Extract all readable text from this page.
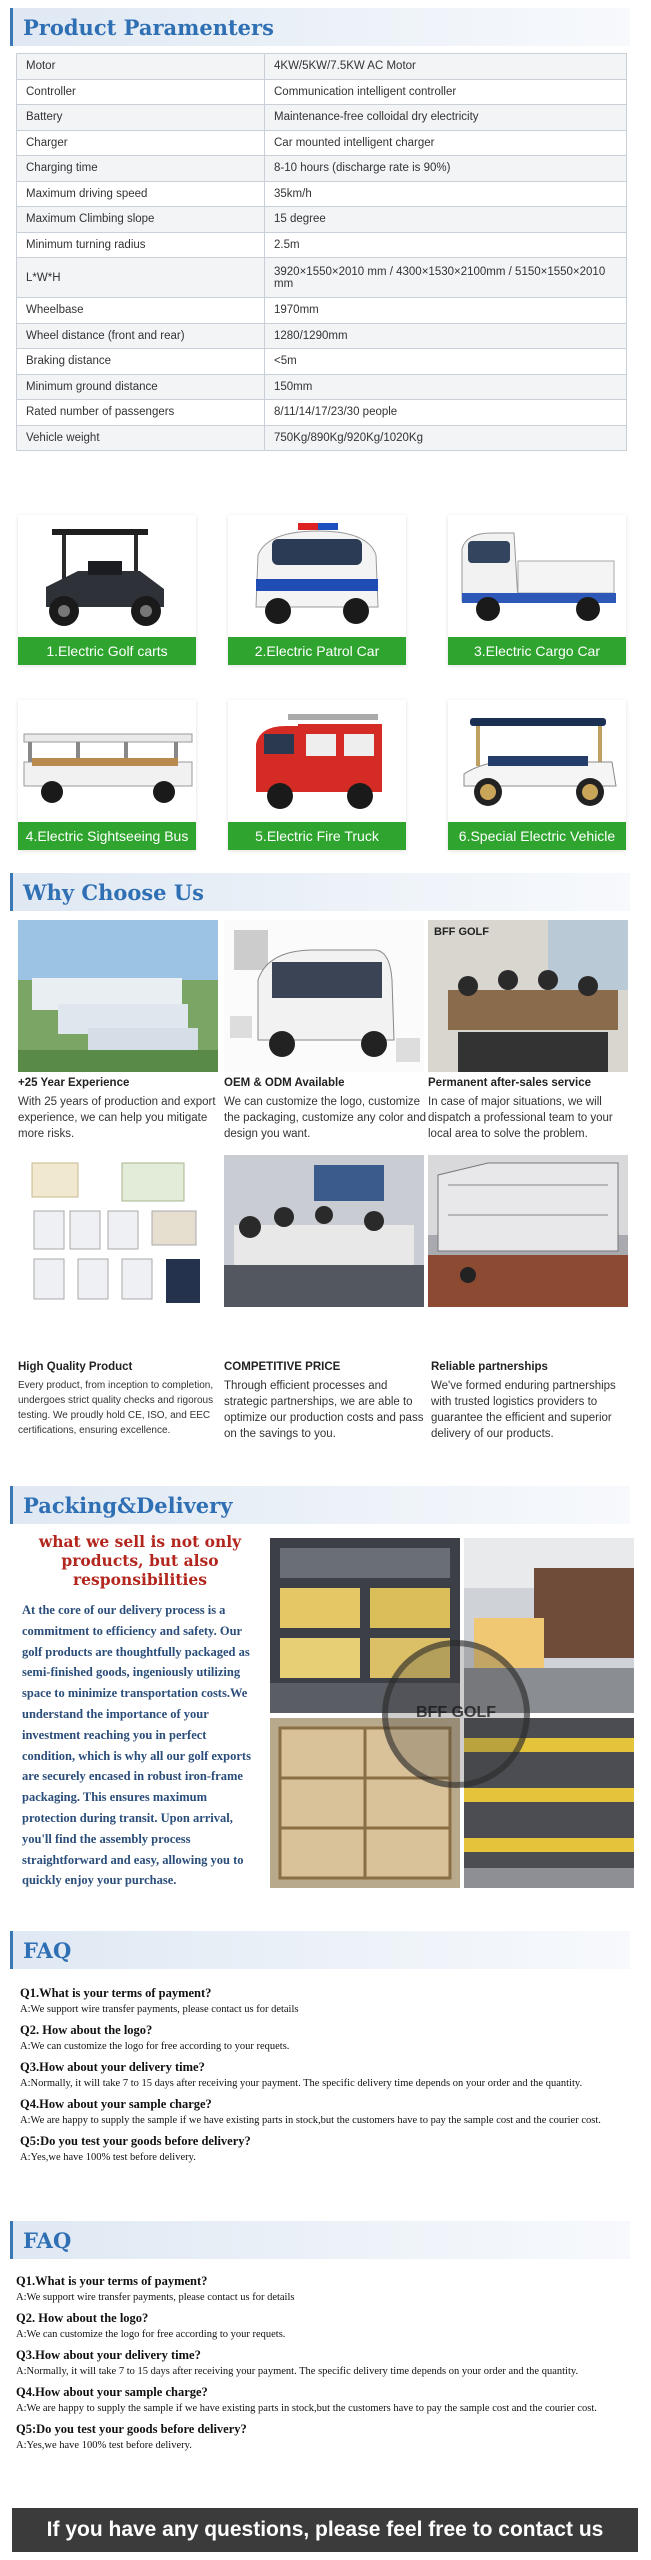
Product Paramenters
Motor	4KW/5KW/7.5KW AC Motor
Controller	Communication intelligent controller
Battery	Maintenance-free colloidal dry electricity
Charger	Car mounted intelligent charger
Charging time	8-10 hours (discharge rate is 90%)
Maximum driving speed	35km/h
Maximum Climbing slope	15 degree
Minimum turning radius	2.5m
L*W*H	3920×1550×2010 mm / 4300×1530×2100mm / 5150×1550×2010 mm
Wheelbase	1970mm
Wheel distance (front and rear)	1280/1290mm
Braking distance	<5m
Minimum ground distance	150mm
Rated number of passengers	8/11/14/17/23/30 people
Vehicle weight	750Kg/890Kg/920Kg/1020Kg
1.Electric Golf carts	2.Electric Patrol Car	3.Electric Cargo Car
4.Electric Sightseeing Bus	5.Electric Fire Truck	6.Special Electric Vehicle
Why Choose Us
BFF GOLF
+25 Year Experience
With 25 years of production and export experience, we can help you mitigate more risks.
OEM & ODM Available
We can customize the logo, customize the packaging, customize any color and design you want.
Permanent after-sales service
In case of major situations, we will dispatch a professional team to your local area to solve the problem.
High Quality Product
Every product, from inception to completion, undergoes strict quality checks and rigorous testing. We proudly hold CE, ISO, and EEC certifications, ensuring excellence.
COMPETITIVE PRICE
Through efficient processes and strategic partnerships, we are able to optimize our production costs and pass on the savings to you.
Reliable partnerships
We've formed enduring partnerships with trusted logistics providers to guarantee the efficient and superior delivery of our products.
Packing&Delivery
what we sell is not only products, but also responsibilities
At the core of our delivery process is a commitment to efficiency and safety. Our golf products are thoughtfully packaged as semi-finished goods, ingeniously utilizing space to minimize transportation costs.We understand the importance of your investment reaching you in perfect condition, which is why all our golf exports are securely encased in robust iron-frame packaging. This ensures maximum protection during transit. Upon arrival, you'll find the assembly process straightforward and easy, allowing you to quickly enjoy your purchase.
BFF GOLF
FAQ
Q1.What is your terms of payment?
A:We support wire transfer payments, please contact us for details
Q2. How about the logo?
A:We can customize the logo for free according to your requets.
Q3.How about your delivery time?
A:Normally, it will take 7 to 15 days after receiving your payment. The specific delivery time depends on your order and the quantity.
Q4.How about your sample charge?
A:We are happy to supply the sample if we have existing parts in stock,but the customers have to pay the sample cost and the courier cost.
Q5:Do you test your goods before delivery?
A:Yes,we have 100% test before delivery.
FAQ
Q1.What is your terms of payment?
A:We support wire transfer payments, please contact us for details
Q2. How about the logo?
A:We can customize the logo for free according to your requets.
Q3.How about your delivery time?
A:Normally, it will take 7 to 15 days after receiving your payment. The specific delivery time depends on your order and the quantity.
Q4.How about your sample charge?
A:We are happy to supply the sample if we have existing parts in stock,but the customers have to pay the sample cost and the courier cost.
Q5:Do you test your goods before delivery?
A:Yes,we have 100% test before delivery.
If you have any questions, please feel free to contact us
